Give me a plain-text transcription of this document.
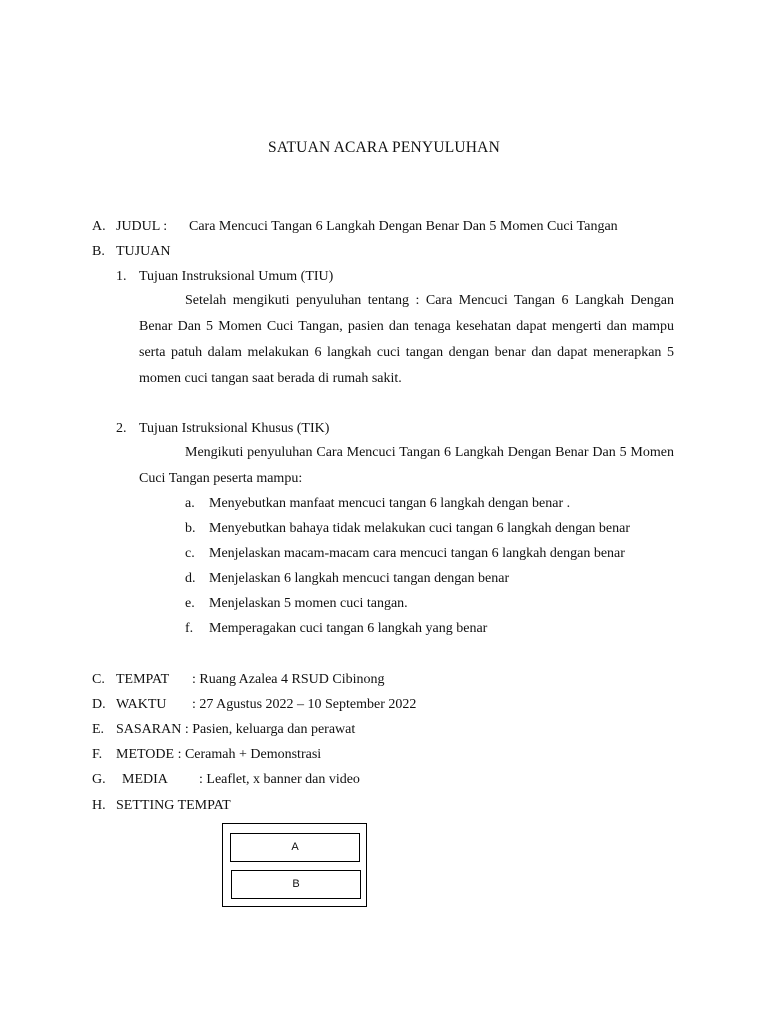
SATUAN ACARA PENYULUHAN
A. JUDUL : Cara Mencuci Tangan 6 Langkah Dengan Benar Dan 5 Momen Cuci Tangan
B. TUJUAN
1. Tujuan Instruksional Umum (TIU)
Setelah mengikuti penyuluhan tentang : Cara Mencuci Tangan 6 Langkah Dengan Benar Dan 5 Momen Cuci Tangan, pasien dan tenaga kesehatan dapat mengerti dan mampu serta patuh dalam melakukan 6 langkah cuci tangan dengan benar dan dapat menerapkan 5 momen cuci tangan saat berada di rumah sakit.
2. Tujuan Istruksional Khusus (TIK)
Mengikuti penyuluhan Cara Mencuci Tangan 6 Langkah Dengan Benar Dan 5 Momen Cuci Tangan peserta mampu:
a. Menyebutkan manfaat mencuci tangan 6 langkah dengan benar .
b. Menyebutkan bahaya tidak melakukan cuci tangan 6 langkah dengan benar
c. Menjelaskan macam-macam cara mencuci tangan 6 langkah dengan benar
d. Menjelaskan 6 langkah mencuci tangan dengan benar
e. Menjelaskan 5 momen cuci tangan.
f. Memperagakan cuci tangan 6 langkah yang benar
C. TEMPAT : Ruang Azalea 4 RSUD Cibinong
D. WAKTU : 27 Agustus 2022 – 10 September 2022
E. SASARAN : Pasien, keluarga dan perawat
F. METODE : Ceramah + Demonstrasi
G. MEDIA : Leaflet, x banner dan video
H. SETTING TEMPAT
A
B
